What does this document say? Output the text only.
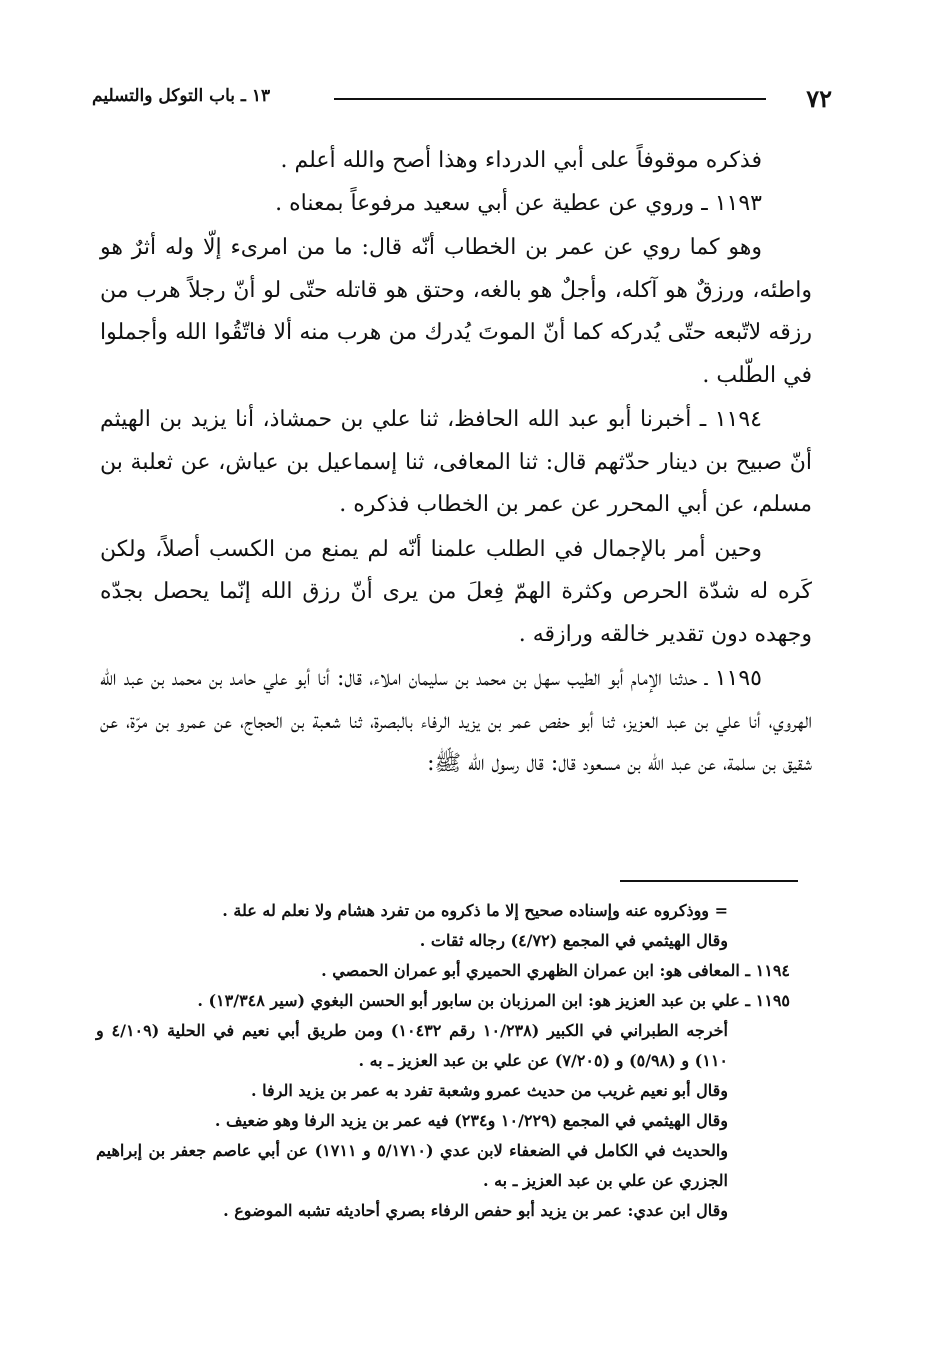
٧٢
١٣ ـ باب التوكل والتسليم

فذكره موقوفاً على أبي الدرداء وهذا أصح والله أعلم .

١١٩٣ ـ وروي عن عطية عن أبي سعيد مرفوعاً بمعناه .

وهو كما روي عن عمر بن الخطاب أنّه قال: ما من امرىء إلّا وله أثرٌ هو واطئه، ورزقٌ هو آكله، وأجلٌ هو بالغه، وحتق هو قاتله حتّى لو أنّ رجلاً هرب من رزقه لاتّبعه حتّى يُدركه كما أنّ الموتَ يُدرك من هرب منه ألا فاتّقُوا الله وأجملوا في الطّلب .

١١٩٤ ـ أخبرنا أبو عبد الله الحافظ، ثنا علي بن حمشاذ، أنا يزيد بن الهيثم أنّ صبيح بن دينار حدّثهم قال: ثنا المعافى، ثنا إسماعيل بن عياش، عن ثعلبة بن مسلم، عن أبي المحرر عن عمر بن الخطاب فذكره .

وحين أمر بالإجمال في الطلب علمنا أنّه لم يمنع من الكسب أصلاً، ولكن كَره له شدّة الحرص وكثرة الهمّ فِعلَ من يرى أنّ رزق الله إنّما يحصل بجدّه وجهده دون تقدير خالقه ورازقه .

١١٩٥ ـ حدثنا الإمام أبو الطيب سهل بن محمد بن سليمان املاء، قال: أنا أبو علي حامد بن محمد بن عبد الله الهروي، أنا علي بن عبد العزيز، ثنا أبو حفص عمر بن يزيد الرفاء بالبصرة، ثنا شعبة بن الحجاج، عن عمرو بن مرّة، عن شقيق بن سلمة، عن عبد الله بن مسعود قال: قال رسول الله ﷺ:

= ووذكروه عنه وإسناده صحيح إلا ما ذكروه من تفرد هشام ولا نعلم له علة .

وقال الهيثمي في المجمع (٤/٧٢) رجاله ثقات .

١١٩٤ ـ المعافى هو: ابن عمران الظهري الحميري أبو عمران الحمصي .

١١٩٥ ـ علي بن عبد العزيز هو: ابن المرزبان بن سابور أبو الحسن البغوي (سير ١٣/٣٤٨) .

أخرجه الطبراني في الكبير (١٠/٢٣٨ رقم ١٠٤٣٢) ومن طريق أبي نعيم في الحلية (٤/١٠٩ و ١١٠) و (٥/٩٨) و (٧/٢٠٥) عن علي بن عبد العزيز ـ به .

وقال أبو نعيم غريب من حديث عمرو وشعبة تفرد به عمر بن يزيد الرفا .

وقال الهيثمي في المجمع (١٠/٢٢٩ و٢٣٤) فيه عمر بن يزيد الرفا وهو ضعيف .

والحديث في الكامل في الضعفاء لابن عدي (٥/١٧١٠ و ١٧١١) عن أبي عاصم جعفر بن إبراهيم الجزري عن علي بن عبد العزيز ـ به .

وقال ابن عدي: عمر بن يزيد أبو حفص الرفاء بصري أحاديثه تشبه الموضوع .
